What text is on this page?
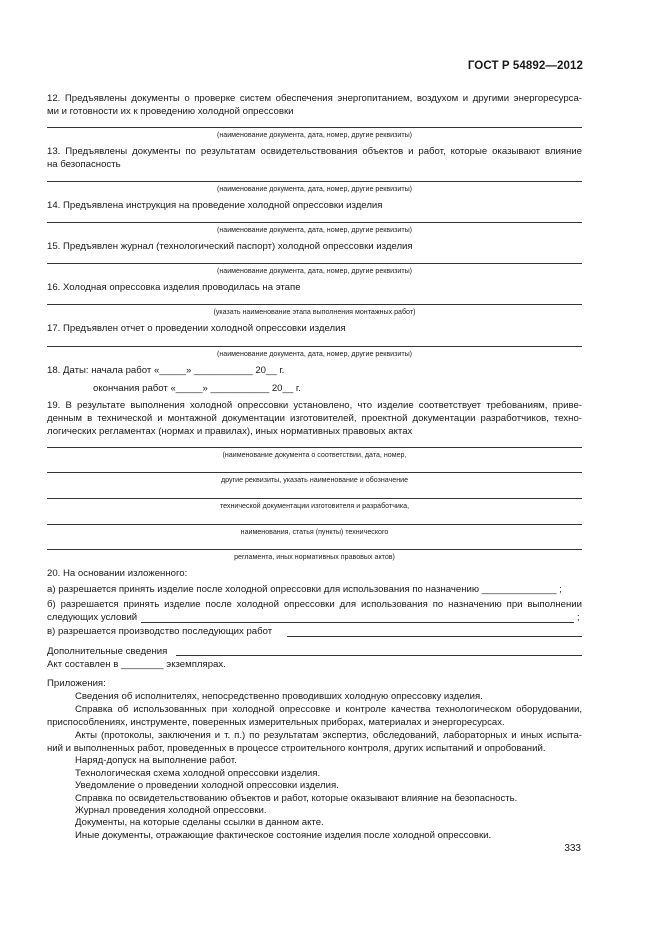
ГОСТ Р 54892—2012
12. Предъявлены документы о проверке систем обеспечения энергопитанием, воздухом и другими энергоресурса-
ми и готовности их к проведению холодной опрессовки
(наименование документа, дата, номер, другие реквизиты)
13. Предъявлены документы по результатам освидетельствования объектов и работ, которые оказывают влияние
на безопасность
(наименование документа, дата, номер, другие реквизиты)
14. Предъявлена инструкция на проведение холодной опрессовки изделия
(наименование документа, дата, номер, другие реквизиты)
15. Предъявлен журнал (технологический паспорт) холодной опрессовки изделия
(наименование документа, дата, номер, другие реквизиты)
16. Холодная опрессовка изделия проводилась на этапе
(указать наименование этапа выполнения монтажных работ)
17. Предъявлен отчет о проведении холодной опрессовки изделия
(наименование документа, дата, номер, другие реквизиты)
18. Даты: начала работ «_____» ___________ 20__ г.
окончания работ «_____» ___________ 20__ г.
19. В результате выполнения холодной опрессовки установлено, что изделие соответствует требованиям, приве-
денным в технической и монтажной документации изготовителей, проектной документации разработчиков, техно-
логических регламентах (нормах и правилах), иных нормативных правовых актах
(наименование документа о соответствии, дата, номер,
другие реквизиты, указать наименование и обозначение
технической документации изготовителя и разработчика,
наименования, статья (пункты) технического
регламента, иных нормативных правовых актов)
20. На основании изложенного:
а) разрешается принять изделие после холодной опрессовки для использования по назначению ______________ ;
б) разрешается принять изделие после холодной опрессовки для использования по назначению при выполнении
следующих условий	;
в) разрешается производство последующих работ
Дополнительные сведения
Акт составлен в ________ экземплярах.
Приложения:
Сведения об исполнителях, непосредственно проводивших холодную опрессовку изделия.
Справка об использованных при холодной опрессовке и контроле качества технологическом оборудовании,
приспособлениях, инструменте, поверенных измерительных приборах, материалах и энергоресурсах.
Акты (протоколы, заключения и т. п.) по результатам экспертиз, обследований, лабораторных и иных испыта-
ний и выполненных работ, проведенных в процессе строительного контроля, других испытаний и опробований.
Наряд-допуск на выполнение работ.
Технологическая схема холодной опрессовки изделия.
Уведомление о проведении холодной опрессовки изделия.
Справка по освидетельствованию объектов и работ, которые оказывают влияние на безопасность.
Журнал проведения холодной опрессовки.
Документы, на которые сделаны ссылки в данном акте.
Иные документы, отражающие фактическое состояние изделия после холодной опрессовки.
333
